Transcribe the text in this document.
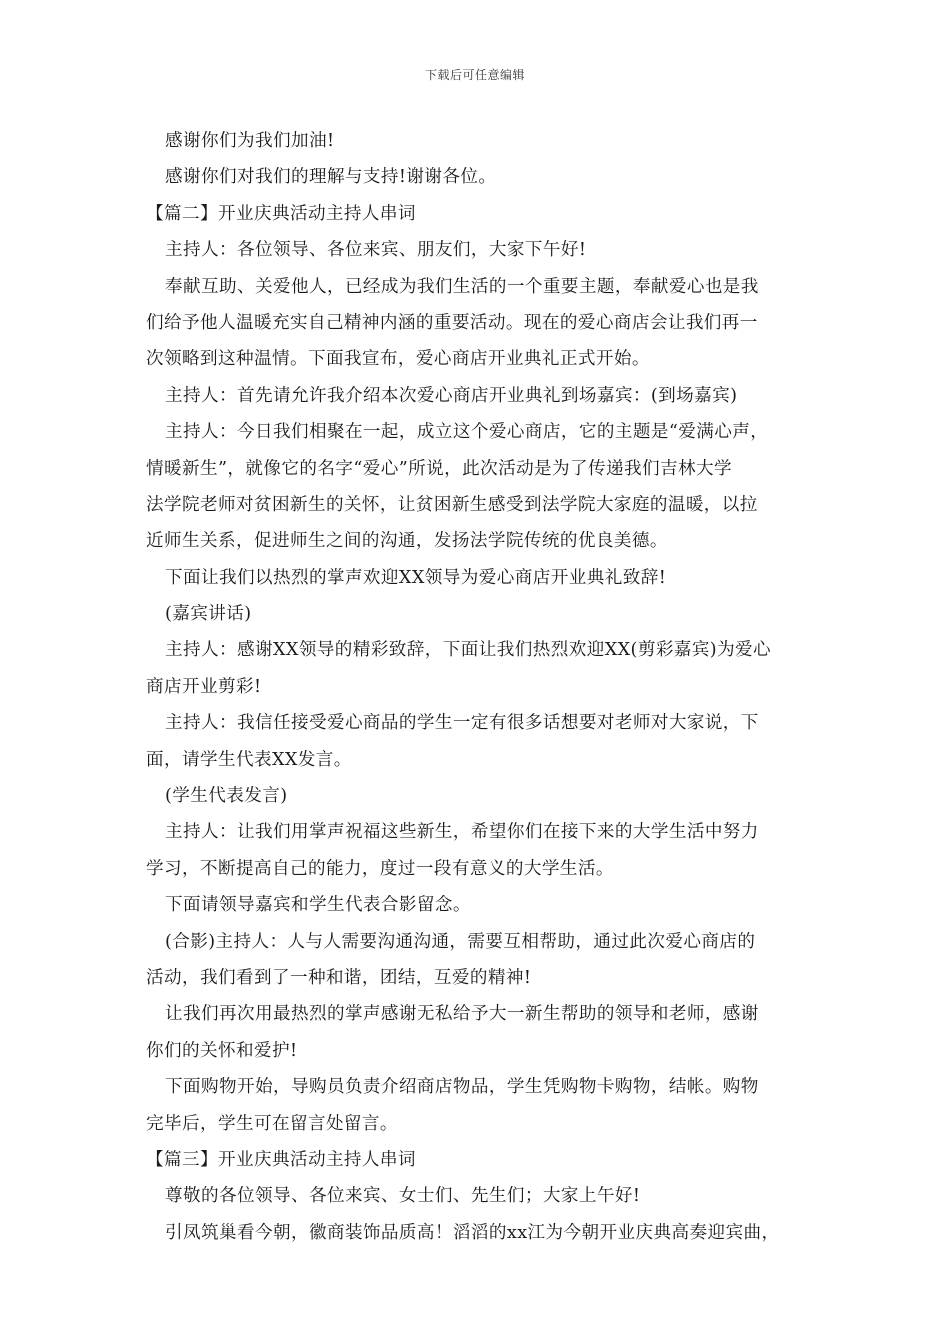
下载后可任意编辑
感谢你们为我们加油!
感谢你们对我们的理解与支持!谢谢各位。
【篇二】开业庆典活动主持人串词
主持人：各位领导、各位来宾、朋友们，大家下午好!
奉献互助、关爱他人，已经成为我们生活的一个重要主题，奉献爱心也是我
们给予他人温暖充实自己精神内涵的重要活动。现在的爱心商店会让我们再一
次领略到这种温情。下面我宣布，爱心商店开业典礼正式开始。
主持人：首先请允许我介绍本次爱心商店开业典礼到场嘉宾：(到场嘉宾)
主持人：今日我们相聚在一起，成立这个爱心商店，它的主题是“爱满心声，
情暖新生”，就像它的名字“爱心”所说，此次活动是为了传递我们吉林大学
法学院老师对贫困新生的关怀，让贫困新生感受到法学院大家庭的温暖，以拉
近师生关系，促进师生之间的沟通，发扬法学院传统的优良美德。
下面让我们以热烈的掌声欢迎XX领导为爱心商店开业典礼致辞!
(嘉宾讲话)
主持人：感谢XX领导的精彩致辞，下面让我们热烈欢迎XX(剪彩嘉宾)为爱心
商店开业剪彩!
主持人：我信任接受爱心商品的学生一定有很多话想要对老师对大家说，下
面，请学生代表XX发言。
(学生代表发言)
主持人：让我们用掌声祝福这些新生，希望你们在接下来的大学生活中努力
学习，不断提高自己的能力，度过一段有意义的大学生活。
下面请领导嘉宾和学生代表合影留念。
(合影)主持人：人与人需要沟通沟通，需要互相帮助，通过此次爱心商店的
活动，我们看到了一种和谐，团结，互爱的精神!
让我们再次用最热烈的掌声感谢无私给予大一新生帮助的领导和老师，感谢
你们的关怀和爱护!
下面购物开始，导购员负责介绍商店物品，学生凭购物卡购物，结帐。购物
完毕后，学生可在留言处留言。
【篇三】开业庆典活动主持人串词
尊敬的各位领导、各位来宾、女士们、先生们；大家上午好!
引凤筑巢看今朝，徽商装饰品质高！滔滔的xx江为今朝开业庆典高奏迎宾曲，
